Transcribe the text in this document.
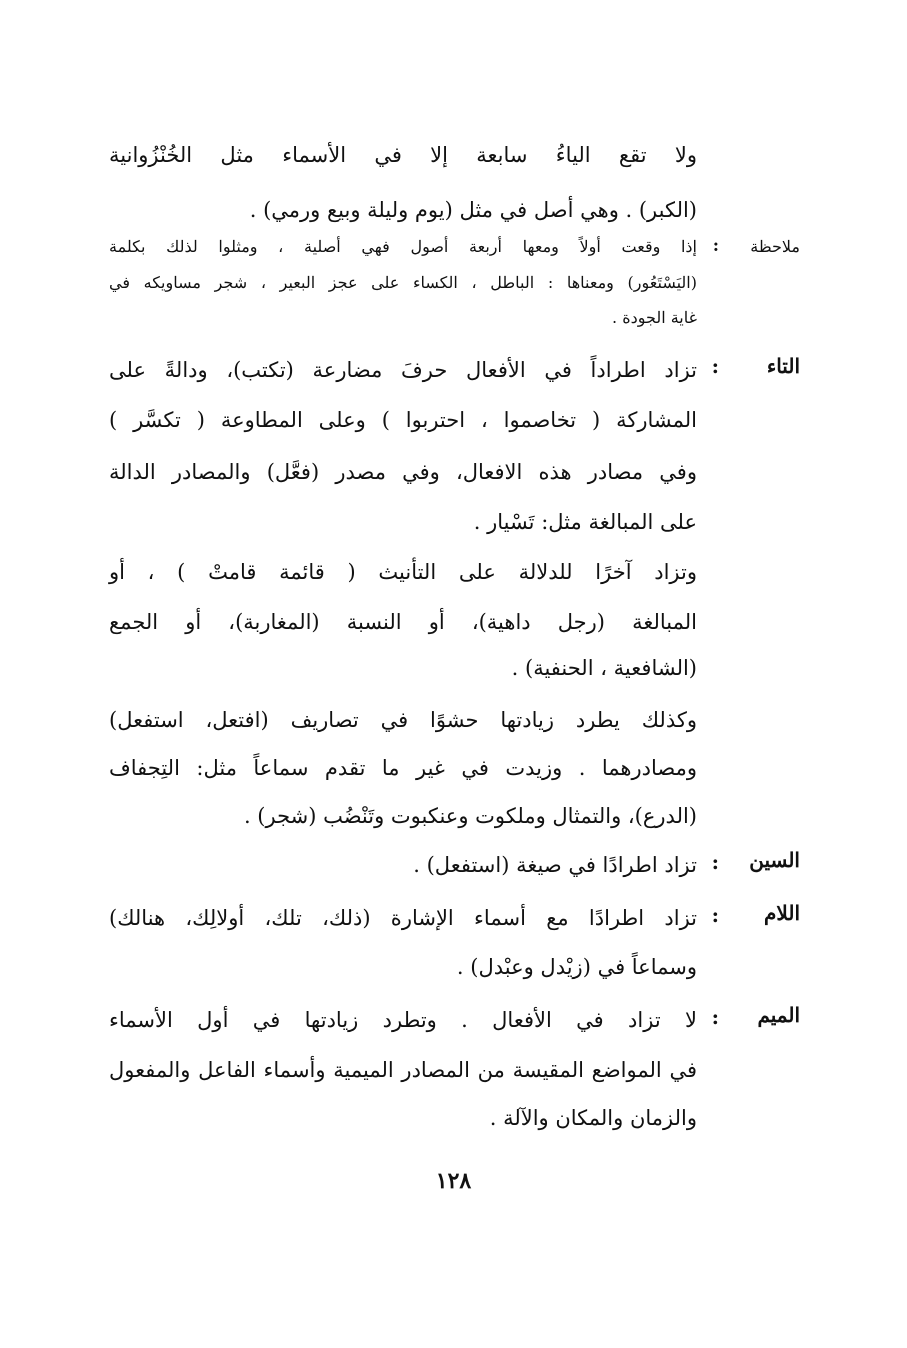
ولا تقع الياءُ سابعة إلا في الأسماء مثل الخُنْزُوانية

(الكبر) . وهي أصل في مثل (يوم وليلة وبيع ورمي) .

ملاحظة
:

إذا وقعت أولاً ومعها أربعة أصول فهي أصلية ، ومثلوا لذلك بكلمة

(اليَسْتَعُور) ومعناها : الباطل ، الكساء على عجز البعير ، شجر مساويكه في

غاية الجودة .

التاء
:

تزاد اطراداً في الأفعال حرفَ مضارعة (تكتب)، ودالةً على

المشاركة ( تخاصموا ، احتربوا ) وعلى المطاوعة ( تكسَّر )

وفي مصادر هذه الافعال، وفي مصدر (فعَّل) والمصادر الدالة

على المبالغة مثل: تَسْيار .

وتزاد آخرًا للدلالة على التأنيث ( قائمة قامتْ ) ، أو

المبالغة (رجل داهية)، أو النسبة (المغاربة)، أو الجمع

(الشافعية ، الحنفية) .

وكذلك يطرد زيادتها حشوًا في تصاريف (افتعل، استفعل)

ومصادرهما . وزيدت في غير ما تقدم سماعاً مثل: التِجفاف

(الدرع)، والتمثال وملكوت وعنكبوت وتَنْضُب (شجر) .

السين
:

تزاد اطرادًا في صيغة (استفعل) .

اللام
:

تزاد اطرادًا مع أسماء الإشارة (ذلك، تلك، أولالِك، هنالك)

وسماعاً في (زيْدل وعبْدل) .

الميم
:

لا تزاد في الأفعال . وتطرد زيادتها في أول الأسماء

في المواضع المقيسة من المصادر الميمية وأسماء الفاعل والمفعول

والزمان والمكان والآلة .

١٢٨
